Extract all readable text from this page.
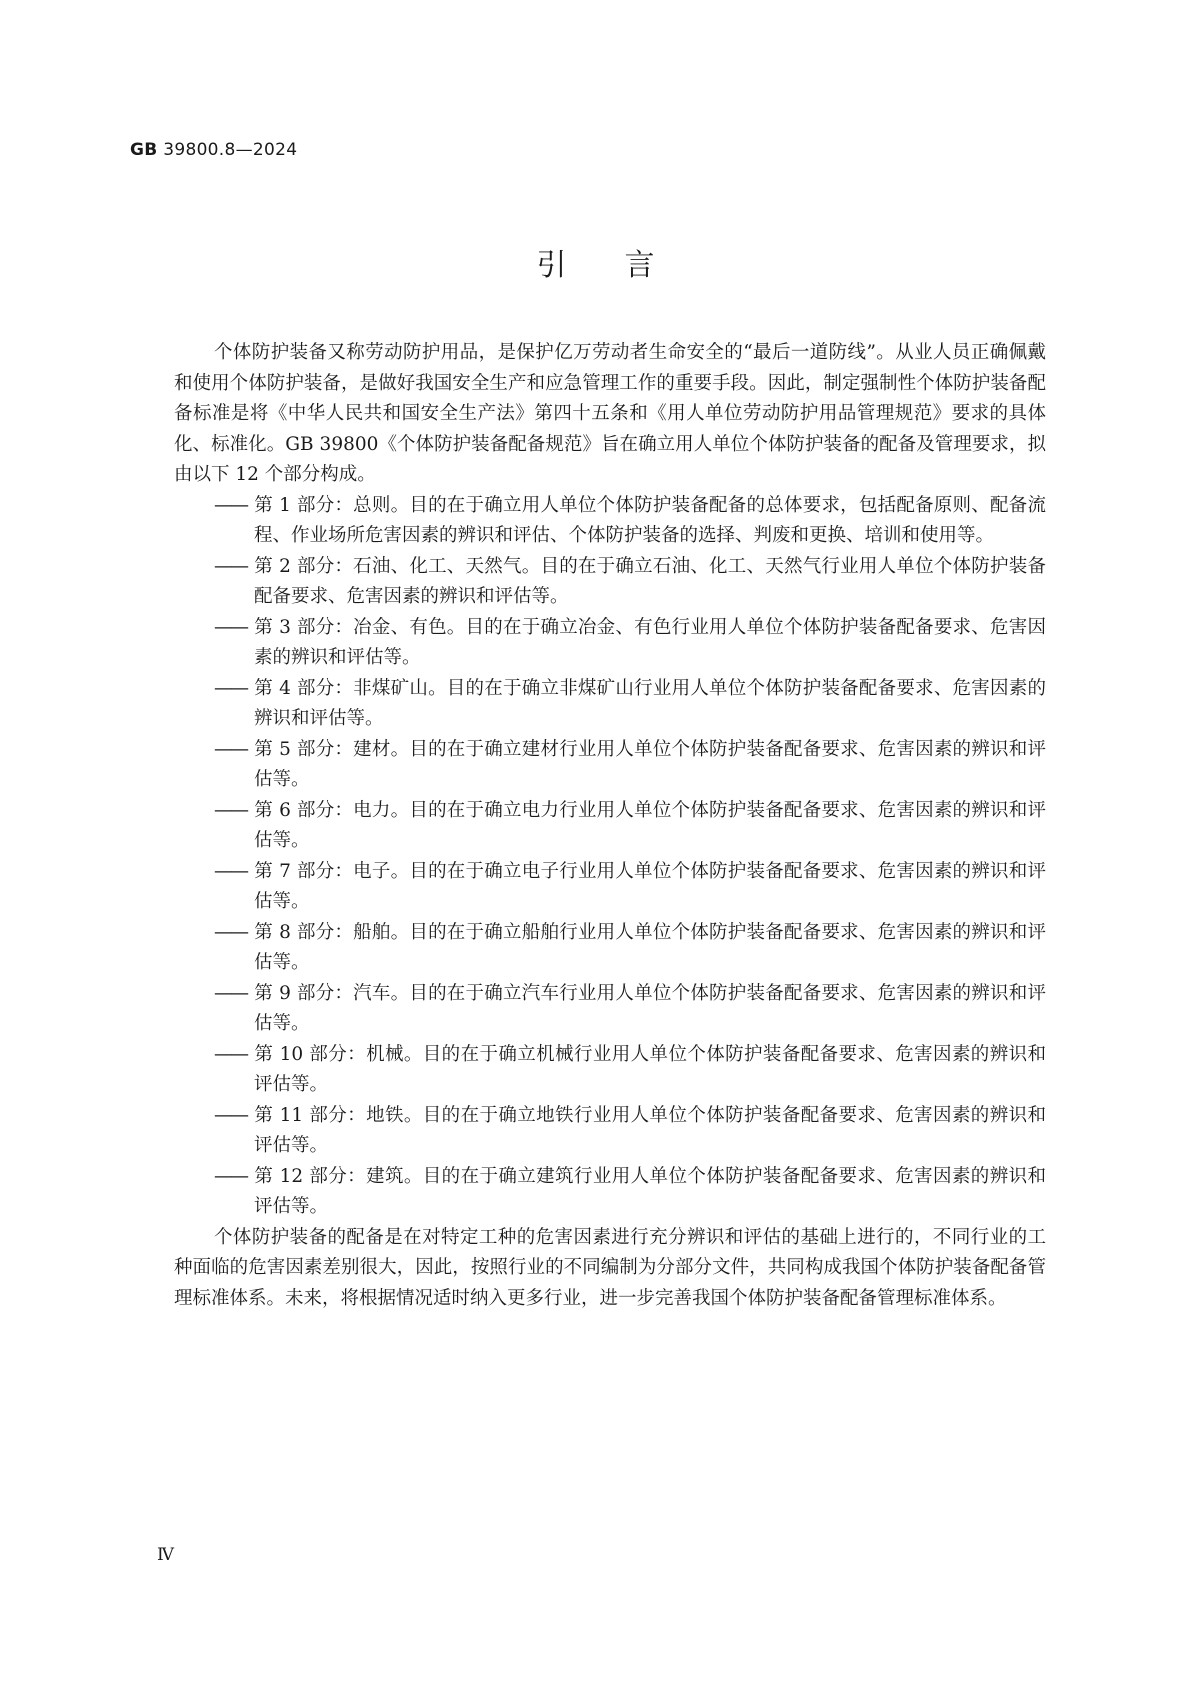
GB 39800.8—2024
引言

个体防护装备又称劳动防护用品，是保护亿万劳动者生命安全的“最后一道防线”。从业人员正确佩戴和使用个体防护装备，是做好我国安全生产和应急管理工作的重要手段。因此，制定强制性个体防护装备配备标准是将《中华人民共和国安全生产法》第四十五条和《用人单位劳动防护用品管理规范》要求的具体化、标准化。GB 39800《个体防护装备配备规范》旨在确立用人单位个体防护装备的配备及管理要求，拟由以下 12 个部分构成。

—— 第 1 部分：总则。目的在于确立用人单位个体防护装备配备的总体要求，包括配备原则、配备流程、作业场所危害因素的辨识和评估、个体防护装备的选择、判废和更换、培训和使用等。
—— 第 2 部分：石油、化工、天然气。目的在于确立石油、化工、天然气行业用人单位个体防护装备配备要求、危害因素的辨识和评估等。
—— 第 3 部分：冶金、有色。目的在于确立冶金、有色行业用人单位个体防护装备配备要求、危害因素的辨识和评估等。
—— 第 4 部分：非煤矿山。目的在于确立非煤矿山行业用人单位个体防护装备配备要求、危害因素的辨识和评估等。
—— 第 5 部分：建材。目的在于确立建材行业用人单位个体防护装备配备要求、危害因素的辨识和评估等。
—— 第 6 部分：电力。目的在于确立电力行业用人单位个体防护装备配备要求、危害因素的辨识和评估等。
—— 第 7 部分：电子。目的在于确立电子行业用人单位个体防护装备配备要求、危害因素的辨识和评估等。
—— 第 8 部分：船舶。目的在于确立船舶行业用人单位个体防护装备配备要求、危害因素的辨识和评估等。
—— 第 9 部分：汽车。目的在于确立汽车行业用人单位个体防护装备配备要求、危害因素的辨识和评估等。
—— 第 10 部分：机械。目的在于确立机械行业用人单位个体防护装备配备要求、危害因素的辨识和评估等。
—— 第 11 部分：地铁。目的在于确立地铁行业用人单位个体防护装备配备要求、危害因素的辨识和评估等。
—— 第 12 部分：建筑。目的在于确立建筑行业用人单位个体防护装备配备要求、危害因素的辨识和评估等。

个体防护装备的配备是在对特定工种的危害因素进行充分辨识和评估的基础上进行的，不同行业的工种面临的危害因素差别很大，因此，按照行业的不同编制为分部分文件，共同构成我国个体防护装备配备管理标准体系。未来，将根据情况适时纳入更多行业，进一步完善我国个体防护装备配备管理标准体系。

Ⅳ
